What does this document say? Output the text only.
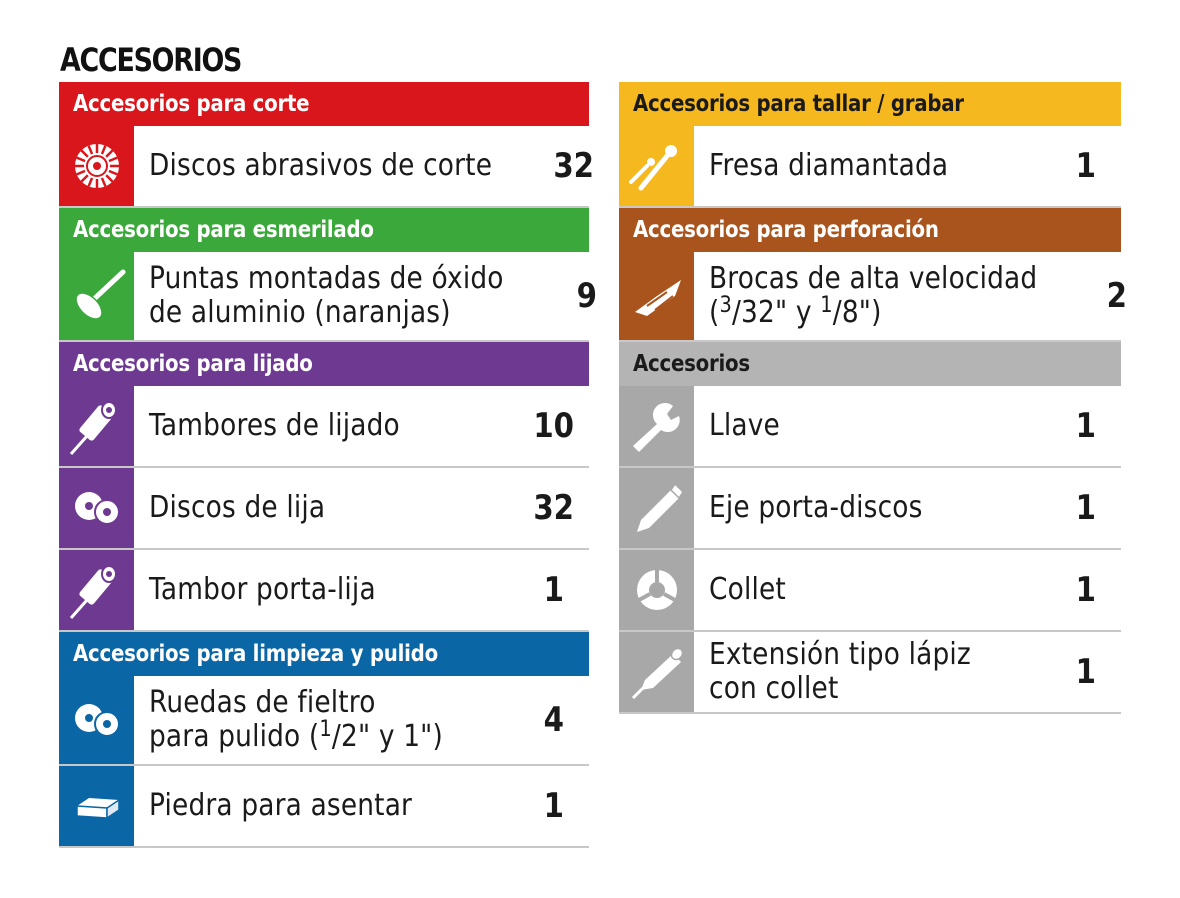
ACCESORIOS
Accesorios para corte
Discos abrasivos de corte 32
Accesorios para esmerilado
Puntas montadas de óxido
de aluminio (naranjas)	9
Accesorios para lijado
Tambores de lijado	10
Discos de lija	32
Tambor porta-lija	1
Accesorios para limpieza y pulido
Ruedas de fieltro
para pulido ($^1$/2" y 1")	4
Piedra para asentar	1
Accesorios para tallar / grabar
Fresa diamantada	1
Accesorios para perforación
Brocas de alta velocidad
($^3$/32" y $^1$/8")	2
Accesorios
Llave	1
Eje porta-discos	1
Collet	1
Extensión tipo lápiz
con collet	1
